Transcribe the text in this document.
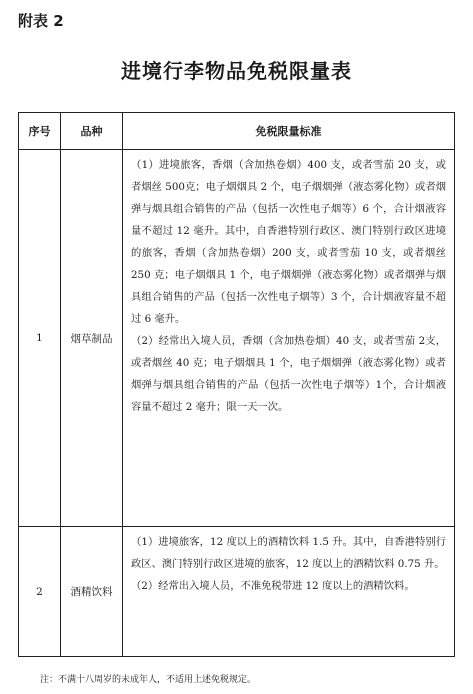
附表 2
进境行李物品免税限量表
序号	品种	免税限量标准
1	烟草制品	（1）进境旅客，香烟（含加热卷烟）400 支，或者雪茄 20 支，或者烟丝 500克；电子烟烟具 2 个，电子烟烟弹（液态雾化物）或者烟弹与烟具组合销售的产品（包括一次性电子烟等）6 个，合计烟液容量不超过 12 毫升。其中，自香港特别行政区、澳门特别行政区进境的旅客，香烟（含加热卷烟）200 支，或者雪茄 10 支，或者烟丝 250 克；电子烟烟具 1 个，电子烟烟弹（液态雾化物）或者烟弹与烟具组合销售的产品（包括一次性电子烟等）3 个，合计烟液容量不超过 6 毫升。

（2）经常出入境人员，香烟（含加热卷烟）40 支，或者雪茄 2支，或者烟丝 40 克；电子烟烟具 1 个，电子烟烟弹（液态雾化物）或者烟弹与烟具组合销售的产品（包括一次性电子烟等）1个，合计烟液容量不超过 2 毫升；限一天一次。

2	酒精饮料	（1）进境旅客，12 度以上的酒精饮料 1.5 升。其中，自香港特别行政区、澳门特别行政区进境的旅客，12 度以上的酒精饮料 0.75 升。

（2）经常出入境人员，不准免税带进 12 度以上的酒精饮料。

注：不满十八周岁的未成年人，不适用上述免税规定。
